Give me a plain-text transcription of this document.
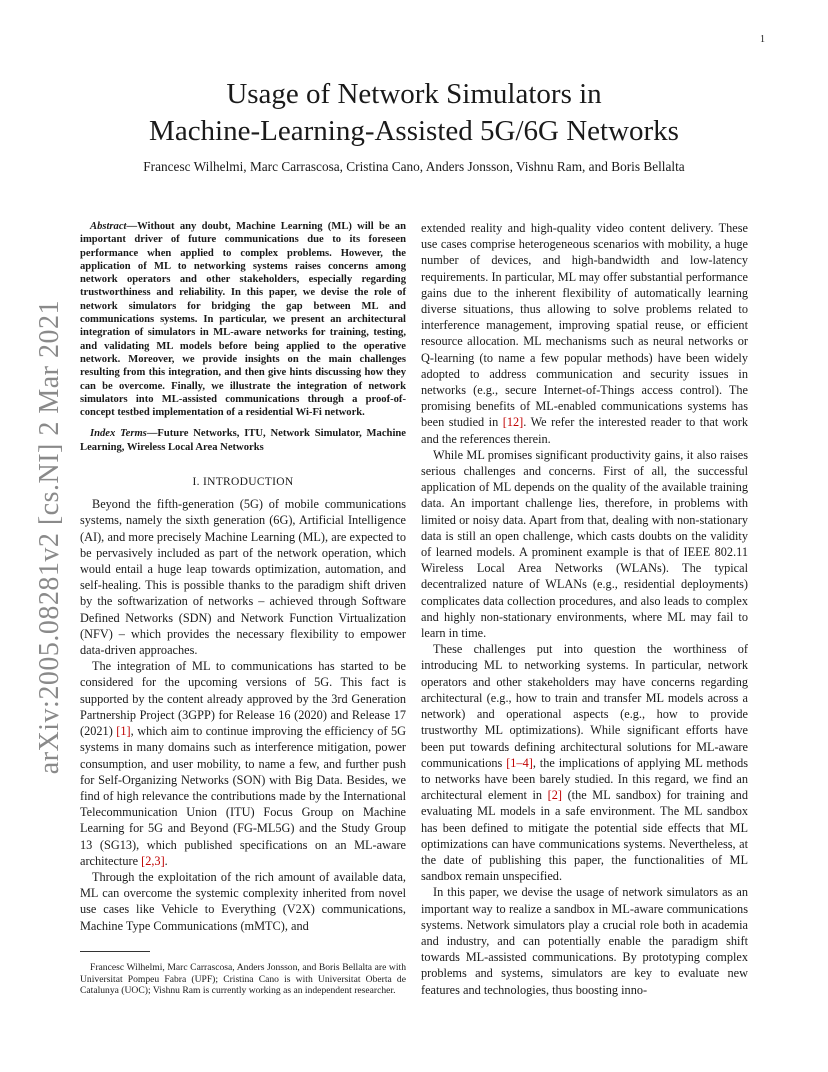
1
arXiv:2005.08281v2 [cs.NI] 2 Mar 2021
Usage of Network Simulators in
Machine-Learning-Assisted 5G/6G Networks
Francesc Wilhelmi, Marc Carrascosa, Cristina Cano, Anders Jonsson, Vishnu Ram, and Boris Bellalta

Abstract—Without any doubt, Machine Learning (ML) will be an important driver of future communications due to its foreseen performance when applied to complex problems. However, the application of ML to networking systems raises concerns among network operators and other stakeholders, especially regarding trustworthiness and reliability. In this paper, we devise the role of network simulators for bridging the gap between ML and communications systems. In particular, we present an architectural integration of simulators in ML-aware networks for training, testing, and validating ML models before being applied to the operative network. Moreover, we provide insights on the main challenges resulting from this integration, and then give hints discussing how they can be overcome. Finally, we illustrate the integration of network simulators into ML-assisted communications through a proof-of-concept testbed implementation of a residential Wi-Fi network.

Index Terms—Future Networks, ITU, Network Simulator, Machine Learning, Wireless Local Area Networks

I. INTRODUCTION

Beyond the fifth-generation (5G) of mobile communications systems, namely the sixth generation (6G), Artificial Intelligence (AI), and more precisely Machine Learning (ML), are expected to be pervasively included as part of the network operation, which would entail a huge leap towards optimization, automation, and self-healing. This is possible thanks to the paradigm shift driven by the softwarization of networks – achieved through Software Defined Networks (SDN) and Network Function Virtualization (NFV) – which provides the necessary flexibility to empower data-driven approaches.

The integration of ML to communications has started to be considered for the upcoming versions of 5G. This fact is supported by the content already approved by the 3rd Generation Partnership Project (3GPP) for Release 16 (2020) and Release 17 (2021) [1], which aim to continue improving the efficiency of 5G systems in many domains such as interference mitigation, power consumption, and user mobility, to name a few, and further push for Self-Organizing Networks (SON) with Big Data. Besides, we find of high relevance the contributions made by the International Telecommunication Union (ITU) Focus Group on Machine Learning for 5G and Beyond (FG-ML5G) and the Study Group 13 (SG13), which published specifications on an ML-aware architecture [2,3].

Through the exploitation of the rich amount of available data, ML can overcome the systemic complexity inherited from novel use cases like Vehicle to Everything (V2X) communications, Machine Type Communications (mMTC), and

Francesc Wilhelmi, Marc Carrascosa, Anders Jonsson, and Boris Bellalta are with Universitat Pompeu Fabra (UPF); Cristina Cano is with Universitat Oberta de Catalunya (UOC); Vishnu Ram is currently working as an independent researcher.

extended reality and high-quality video content delivery. These use cases comprise heterogeneous scenarios with mobility, a huge number of devices, and high-bandwidth and low-latency requirements. In particular, ML may offer substantial performance gains due to the inherent flexibility of automatically learning diverse situations, thus allowing to solve problems related to interference management, improving spatial reuse, or efficient resource allocation. ML mechanisms such as neural networks or Q-learning (to name a few popular methods) have been widely adopted to address communication and security issues in networks (e.g., secure Internet-of-Things access control). The promising benefits of ML-enabled communications systems has been studied in [12]. We refer the interested reader to that work and the references therein.

While ML promises significant productivity gains, it also raises serious challenges and concerns. First of all, the successful application of ML depends on the quality of the available training data. An important challenge lies, therefore, in problems with limited or noisy data. Apart from that, dealing with non-stationary data is still an open challenge, which casts doubts on the validity of learned models. A prominent example is that of IEEE 802.11 Wireless Local Area Networks (WLANs). The typical decentralized nature of WLANs (e.g., residential deployments) complicates data collection procedures, and also leads to complex and highly non-stationary environments, where ML may fail to learn in time.

These challenges put into question the worthiness of introducing ML to networking systems. In particular, network operators and other stakeholders may have concerns regarding architectural (e.g., how to train and transfer ML models across a network) and operational aspects (e.g., how to provide trustworthy ML optimizations). While significant efforts have been put towards defining architectural solutions for ML-aware communications [1–4], the implications of applying ML methods to networks have been barely studied. In this regard, we find an architectural element in [2] (the ML sandbox) for training and evaluating ML models in a safe environment. The ML sandbox has been defined to mitigate the potential side effects that ML optimizations can have communications systems. Nevertheless, at the date of publishing this paper, the functionalities of ML sandbox remain unspecified.

In this paper, we devise the usage of network simulators as an important way to realize a sandbox in ML-aware communications systems. Network simulators play a crucial role both in academia and industry, and can potentially enable the paradigm shift towards ML-assisted communications. By prototyping complex problems and systems, simulators are key to evaluate new features and technologies, thus boosting inno-
